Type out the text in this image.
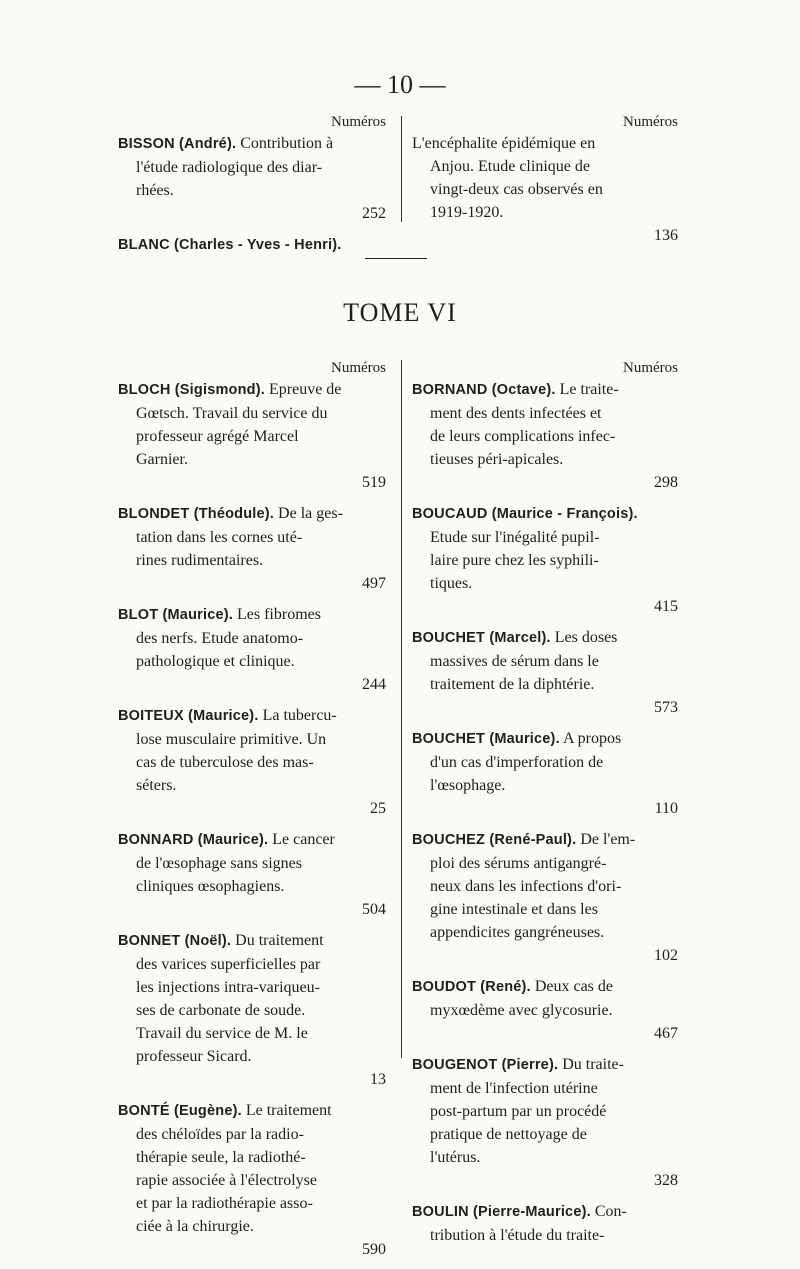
— 10 —
Numéros
BISSON (André). Contribution à
l'étude radiologique des diar-
rhées.
252
BLANC (Charles - Yves - Henri).
Numéros
L'encéphalite épidémique en
Anjou. Etude clinique de
vingt-deux cas observés en
1919-1920.
136
TOME VI
Numéros
BLOCH (Sigismond). Epreuve de
Gœtsch. Travail du service du
professeur agrégé Marcel
Garnier.
519
BLONDET (Théodule). De la ges-
tation dans les cornes uté-
rines rudimentaires.
497
BLOT (Maurice). Les fibromes
des nerfs. Etude anatomo-
pathologique et clinique.
244
BOITEUX (Maurice). La tubercu-
lose musculaire primitive. Un
cas de tuberculose des mas-
séters.
25
BONNARD (Maurice). Le cancer
de l'œsophage sans signes
cliniques œsophagiens.
504
BONNET (Noël). Du traitement
des varices superficielles par
les injections intra-variqueu-
ses de carbonate de soude.
Travail du service de M. le
professeur Sicard.
13
BONTÉ (Eugène). Le traitement
des chéloïdes par la radio-
thérapie seule, la radiothé-
rapie associée à l'électrolyse
et par la radiothérapie asso-
ciée à la chirurgie.
590
Numéros
BORNAND (Octave). Le traite-
ment des dents infectées et
de leurs complications infec-
tieuses péri-apicales.
298
BOUCAUD (Maurice - François).
Etude sur l'inégalité pupil-
laire pure chez les syphili-
tiques.
415
BOUCHET (Marcel). Les doses
massives de sérum dans le
traitement de la diphtérie.
573
BOUCHET (Maurice). A propos
d'un cas d'imperforation de
l'œsophage.
110
BOUCHEZ (René-Paul). De l'em-
ploi des sérums antigangré-
neux dans les infections d'ori-
gine intestinale et dans les
appendicites gangréneuses.
102
BOUDOT (René). Deux cas de
myxœdème avec glycosurie.
467
BOUGENOT (Pierre). Du traite-
ment de l'infection utérine
post-partum par un procédé
pratique de nettoyage de
l'utérus.
328
BOULIN (Pierre-Maurice). Con-
tribution à l'étude du traite-
